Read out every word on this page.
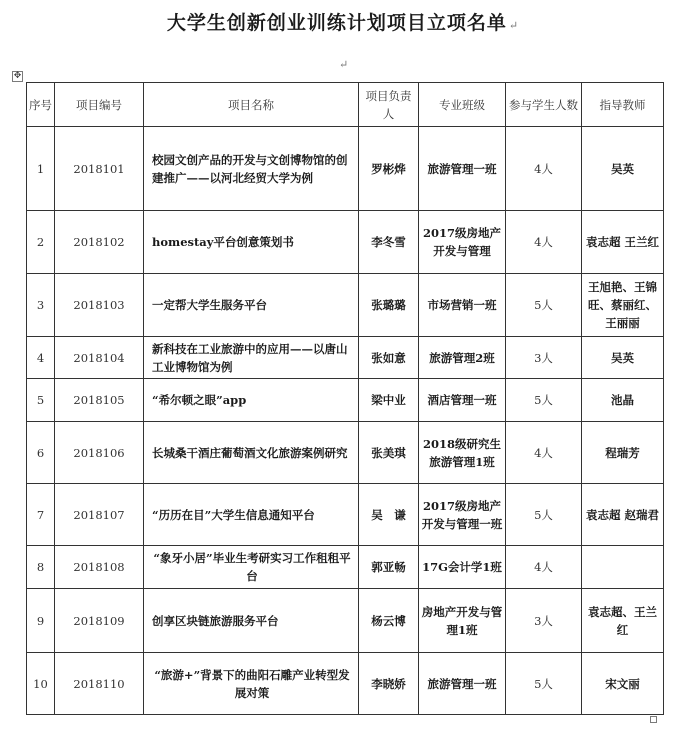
大学生创新创业训练计划项目立项名单 ↵
↵
✥
序号	项目编号	项目名称	项目负责人	专业班级	参与学生人数	指导教师
1	2018101	校园文创产品的开发与文创博物馆的创建推广——以河北经贸大学为例	罗彬烨	旅游管理一班	4人	吴英
2	2018102	homestay平台创意策划书	李冬雪	2017级房地产开发与管理	4人	袁志超 王兰红
3	2018103	一定帮大学生服务平台	张璐璐	市场营销一班	5人	王旭艳、王锦旺、蔡丽红、王丽丽
4	2018104	新科技在工业旅游中的应用——以唐山工业博物馆为例	张如意	旅游管理2班	3人	吴英
5	2018105	“希尔顿之眼”app	梁中业	酒店管理一班	5人	池晶
6	2018106	长城桑干酒庄葡萄酒文化旅游案例研究	张美琪	2018级研究生旅游管理1班	4人	程瑞芳
7	2018107	“历历在目”大学生信息通知平台	吴　谦	2017级房地产开发与管理一班	5人	袁志超 赵瑞君
8	2018108	“象牙小居”毕业生考研实习工作租租平台	郭亚畅	17G会计学1班	4人	
9	2018109	创享区块链旅游服务平台	杨云博	房地产开发与管理1班	3人	袁志超、王兰红
10	2018110	“旅游+”背景下的曲阳石雕产业转型发展对策	李晓娇	旅游管理一班	5人	宋文丽
